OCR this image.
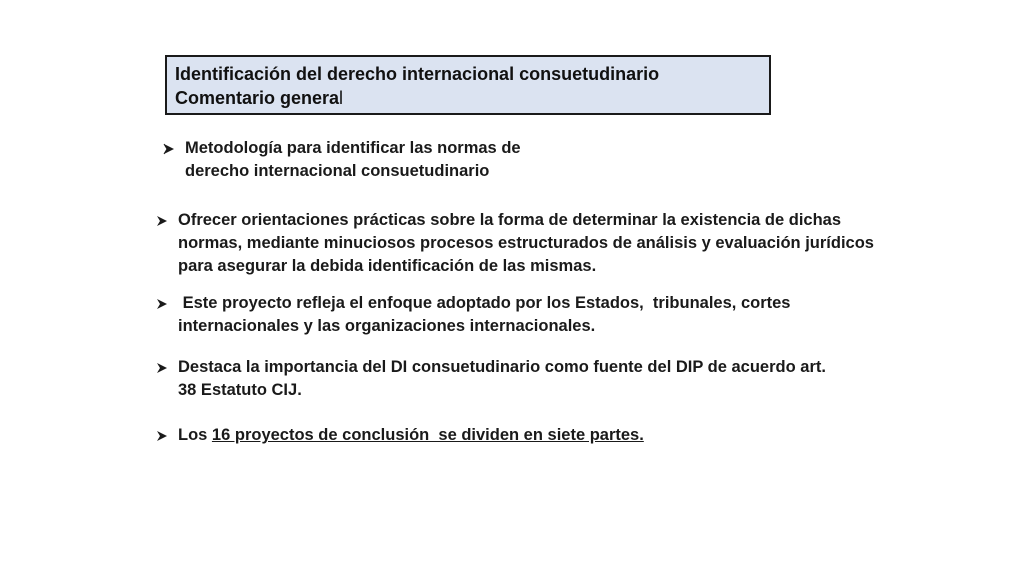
Identificación del derecho internacional consuetudinario
Comentario general
Metodología para identificar las normas de
derecho internacional consuetudinario
Ofrecer orientaciones prácticas sobre la forma de determinar la existencia de dichas
normas, mediante minuciosos procesos estructurados de análisis y evaluación jurídicos
para asegurar la debida identificación de las mismas.
Este proyecto refleja el enfoque adoptado por los Estados,  tribunales, cortes
internacionales y las organizaciones internacionales.
Destaca la importancia del DI consuetudinario como fuente del DIP de acuerdo art.
38 Estatuto CIJ.
Los 16 proyectos de conclusión  se dividen en siete partes.
